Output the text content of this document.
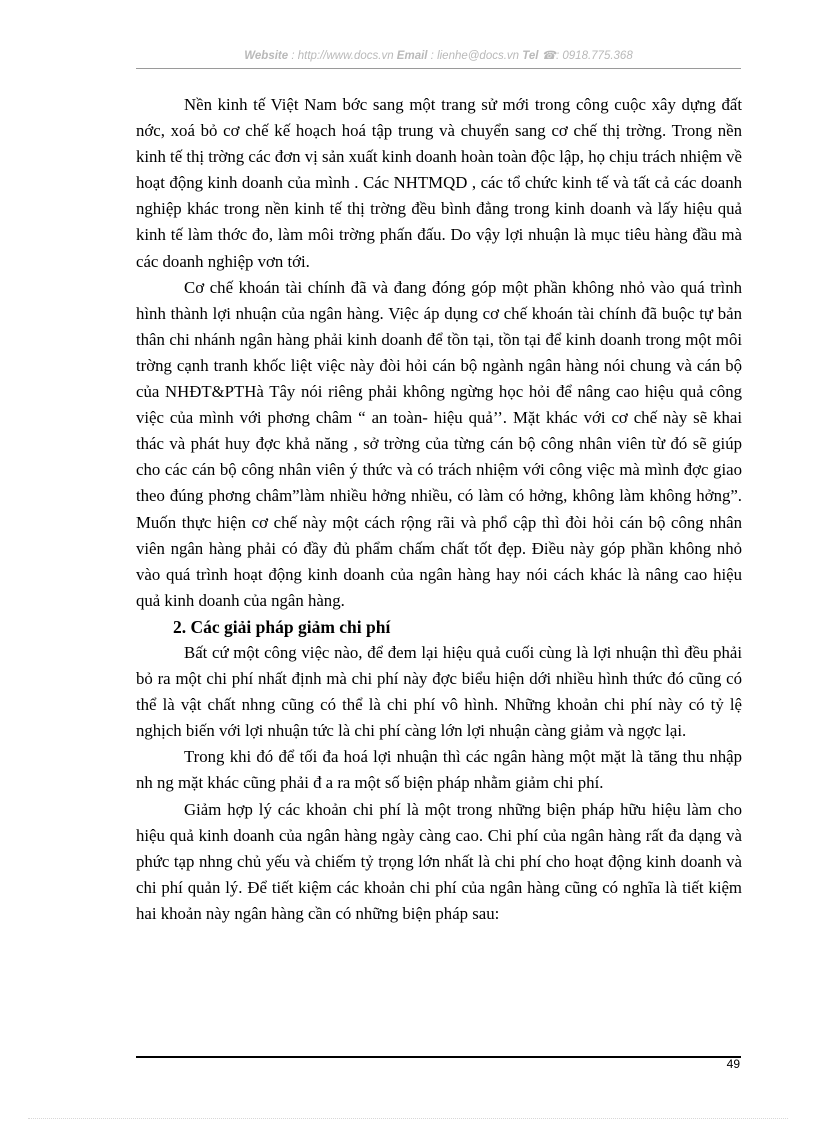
Website : http://www.docs.vn Email : lienhe@docs.vn Tel ☎: 0918.775.368

Nền kinh tế Việt Nam bớc sang một trang sử mới trong công cuộc xây dựng đất nớc, xoá bỏ cơ chế kế hoạch hoá tập trung và chuyển sang cơ chế thị trờng. Trong nền kinh tế thị trờng các đơn vị sản xuất kinh doanh hoàn toàn độc lập, họ chịu trách nhiệm về hoạt động kinh doanh của mình . Các NHTMQD , các tổ chức kinh tế và tất cả các doanh nghiệp khác trong nền kinh tế thị trờng đều bình đẳng trong kinh doanh và lấy hiệu quả kinh tế làm thớc đo, làm môi trờng phấn đấu. Do vậy lợi nhuận là mục tiêu hàng đầu mà các doanh nghiệp vơn tới.

Cơ chế khoán tài chính đã và đang đóng góp một phần không nhỏ vào quá trình hình thành lợi nhuận của ngân hàng. Việc áp dụng cơ chế khoán tài chính đã buộc tự bản thân chi nhánh ngân hàng phải kinh doanh để tồn tại, tồn tại để kinh doanh trong một môi trờng cạnh tranh khốc liệt việc này đòi hỏi cán bộ ngành ngân hàng nói chung và cán bộ của NHĐT&PTHà Tây nói riêng phải không ngừng học hỏi để nâng cao hiệu quả công việc của mình với phơng châm “ an toàn- hiệu quả’’. Mặt khác với cơ chế này sẽ khai thác và phát huy đợc khả năng , sở trờng của từng cán bộ công nhân viên từ đó sẽ giúp cho các cán bộ công nhân viên ý thức và có trách nhiệm với công việc mà mình đợc giao theo đúng phơng châm”làm nhiều hởng nhiều, có làm có hởng, không làm không hởng”. Muốn thực hiện cơ chế này một cách rộng rãi và phổ cập thì đòi hỏi cán bộ công nhân viên ngân hàng phải có đầy đủ phẩm chấm chất tốt đẹp. Điều này góp phần không nhỏ vào quá trình hoạt động kinh doanh của ngân hàng hay nói cách khác là nâng cao hiệu quả kinh doanh của ngân hàng.

2. Các giải pháp giảm chi phí

Bất cứ một công việc nào, để đem lại hiệu quả cuối cùng là lợi nhuận thì đều phải bỏ ra một chi phí nhất định mà chi phí này đợc biểu hiện dới nhiều hình thức đó cũng có thể là vật chất nhng cũng có thể là chi phí vô hình. Những khoản chi phí này có tỷ lệ nghịch biến với lợi nhuận tức là chi phí càng lớn lợi nhuận càng giảm và ngợc lại.

Trong khi đó để tối đa hoá lợi nhuận thì các ngân hàng một mặt là tăng thu nhập nh ng mặt khác cũng phải đ a ra một số biện pháp nhằm giảm chi phí.

Giảm hợp lý các khoản chi phí là một trong những biện pháp hữu hiệu làm cho hiệu quả kinh doanh của ngân hàng ngày càng cao. Chi phí của ngân hàng rất đa dạng và phức tạp nhng chủ yếu và chiếm tỷ trọng lớn nhất là chi phí cho hoạt động kinh doanh và chi phí quản lý. Để tiết kiệm các khoản chi phí của ngân hàng cũng có nghĩa là tiết kiệm hai khoản này ngân hàng cần có những biện pháp sau:

49
